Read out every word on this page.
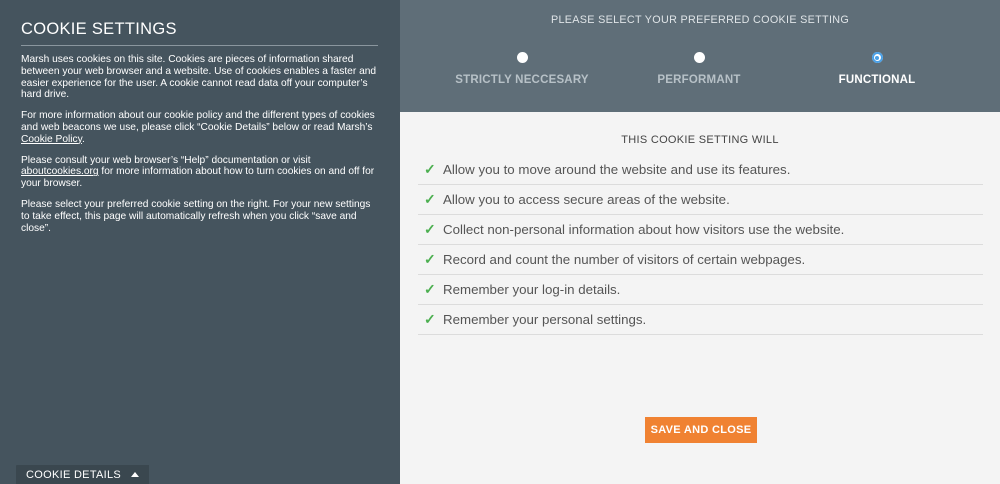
COOKIE SETTINGS

Marsh uses cookies on this site. Cookies are pieces of information shared between your web browser and a website. Use of cookies enables a faster and easier experience for the user. A cookie cannot read data off your computer’s hard drive.

For more information about our cookie policy and the different types of cookies and web beacons we use, please click “Cookie Details” below or read Marsh’s Cookie Policy.

Please consult your web browser’s “Help” documentation or visit aboutcookies.org for more information about how to turn cookies on and off for your browser.

Please select your preferred cookie setting on the right. For your new settings to take effect, this page will automatically refresh when you click “save and close”.

COOKIE DETAILS
PLEASE SELECT YOUR PREFERRED COOKIE SETTING
STRICTLY NECCESARY	PERFORMANT	FUNCTIONAL
THIS COOKIE SETTING WILL
✓ Allow you to move around the website and use its features.
✓ Allow you to access secure areas of the website.
✓ Collect non-personal information about how visitors use the website.
✓ Record and count the number of visitors of certain webpages.
✓ Remember your log-in details.
✓ Remember your personal settings.
SAVE AND CLOSE
